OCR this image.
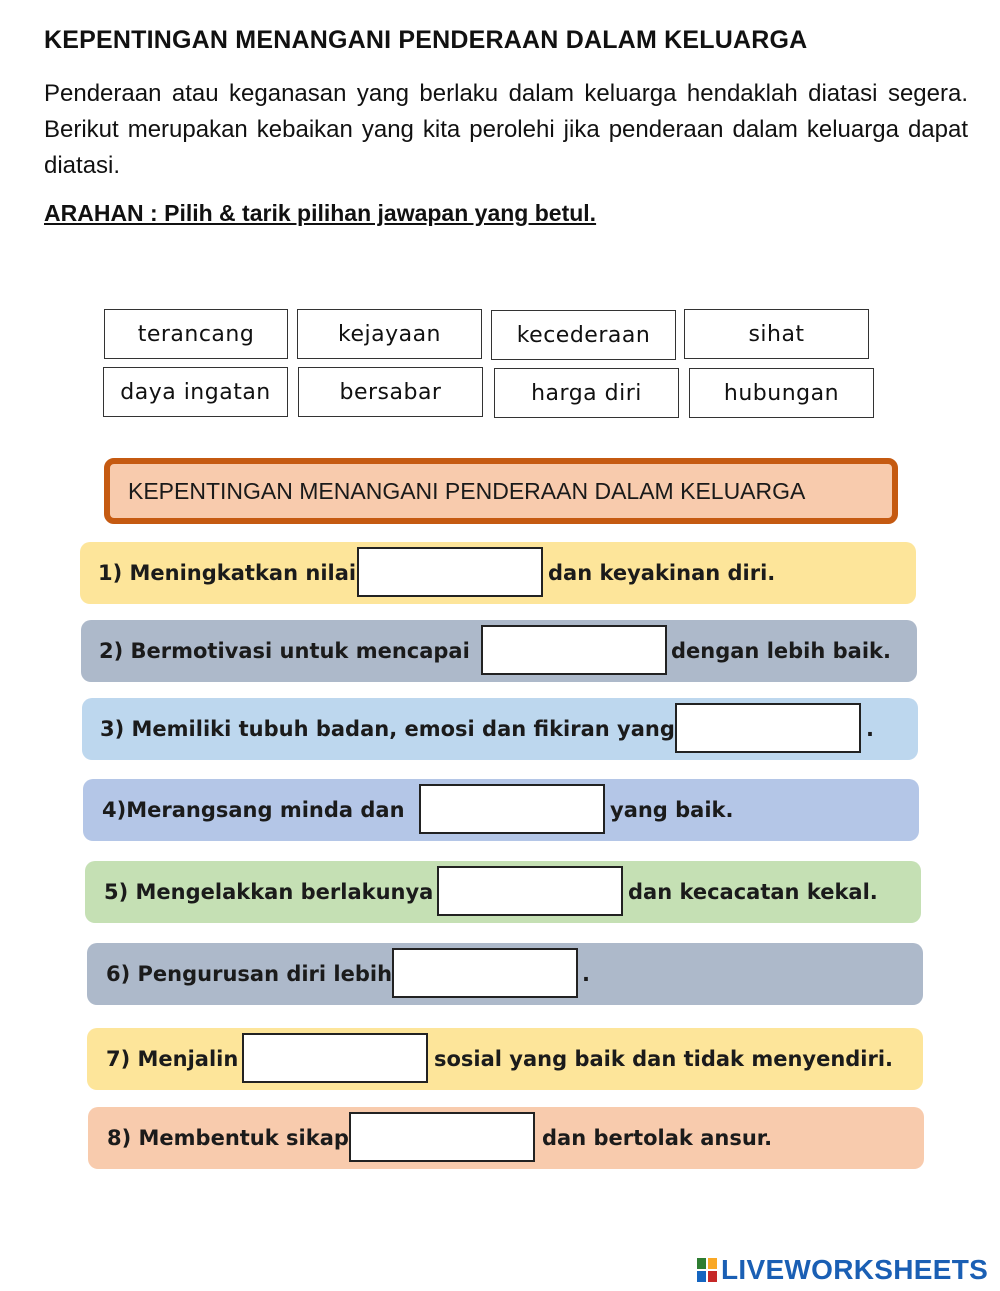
KEPENTINGAN MENANGANI PENDERAAN DALAM KELUARGA
Penderaan atau keganasan yang berlaku dalam keluarga hendaklah diatasi segera. Berikut merupakan kebaikan yang kita perolehi jika penderaan dalam keluarga dapat diatasi.
ARAHAN : Pilih & tarik pilihan jawapan yang betul.
terancang	kejayaan	kecederaan	sihat
daya ingatan	bersabar	harga diri	hubungan
KEPENTINGAN MENANGANI PENDERAAN DALAM KELUARGA
1) Meningkatkan nilai	dan keyakinan diri.
2) Bermotivasi untuk mencapai	dengan lebih baik.
3) Memiliki tubuh badan, emosi dan fikiran yang	.
4)Merangsang minda dan	yang baik.
5) Mengelakkan berlakunya	dan kecacatan kekal.
6) Pengurusan diri lebih	.
7) Menjalin	sosial yang baik dan tidak menyendiri.
8) Membentuk sikap	dan bertolak ansur.
LIVEWORKSHEETS
